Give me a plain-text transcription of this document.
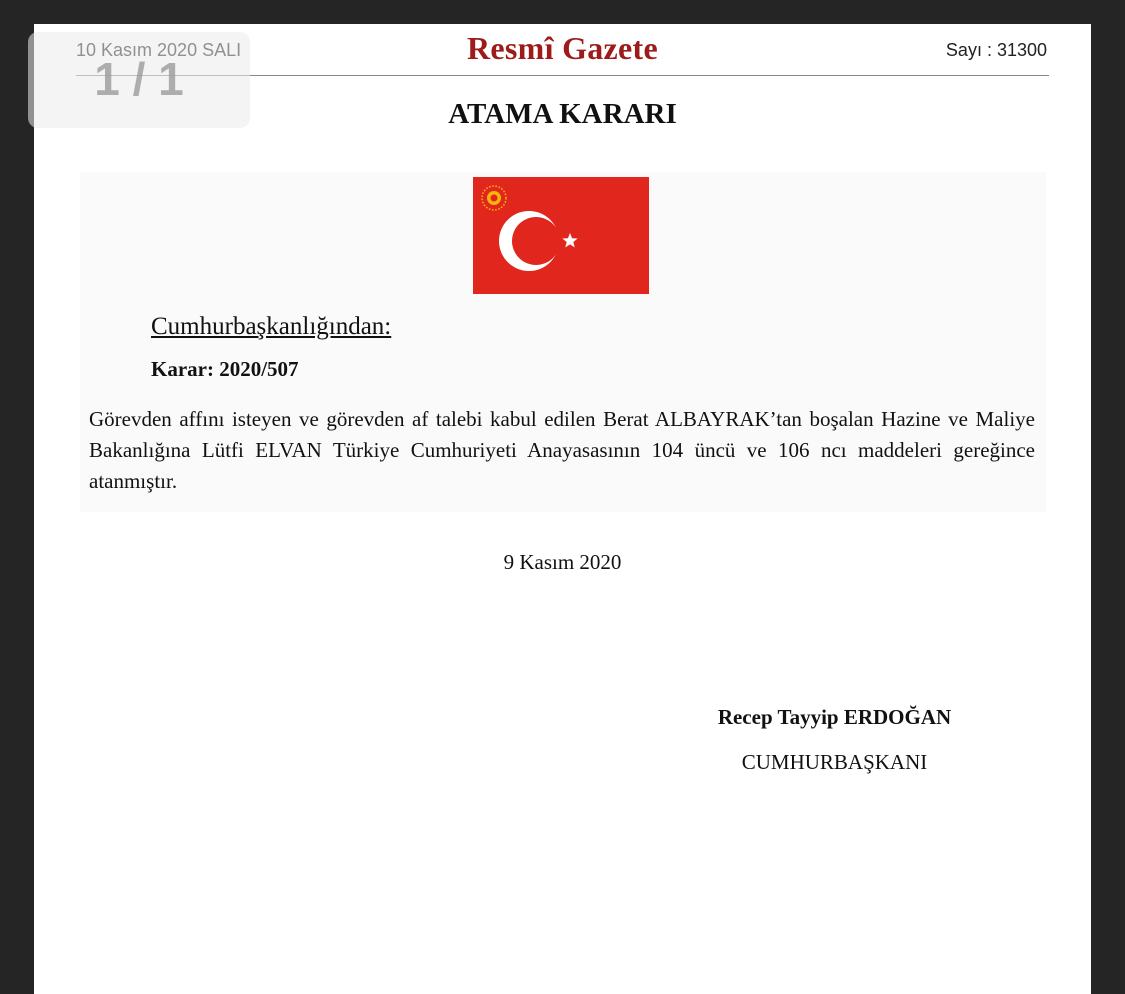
Resmî Gazete	Sayı : 31300
ATAMA KARARI
Cumhurbaşkanlığından:
Karar: 2020/507
Görevden affını isteyen ve görevden af talebi kabul edilen Berat ALBAYRAK’tan boşalan Hazine ve Maliye Bakanlığına Lütfi ELVAN Türkiye Cumhuriyeti Anayasasının 104 üncü ve 106 ncı maddeleri gereğince atanmıştır.
9 Kasım 2020
Recep Tayyip ERDOĞAN
CUMHURBAŞKANI
1 / 1
